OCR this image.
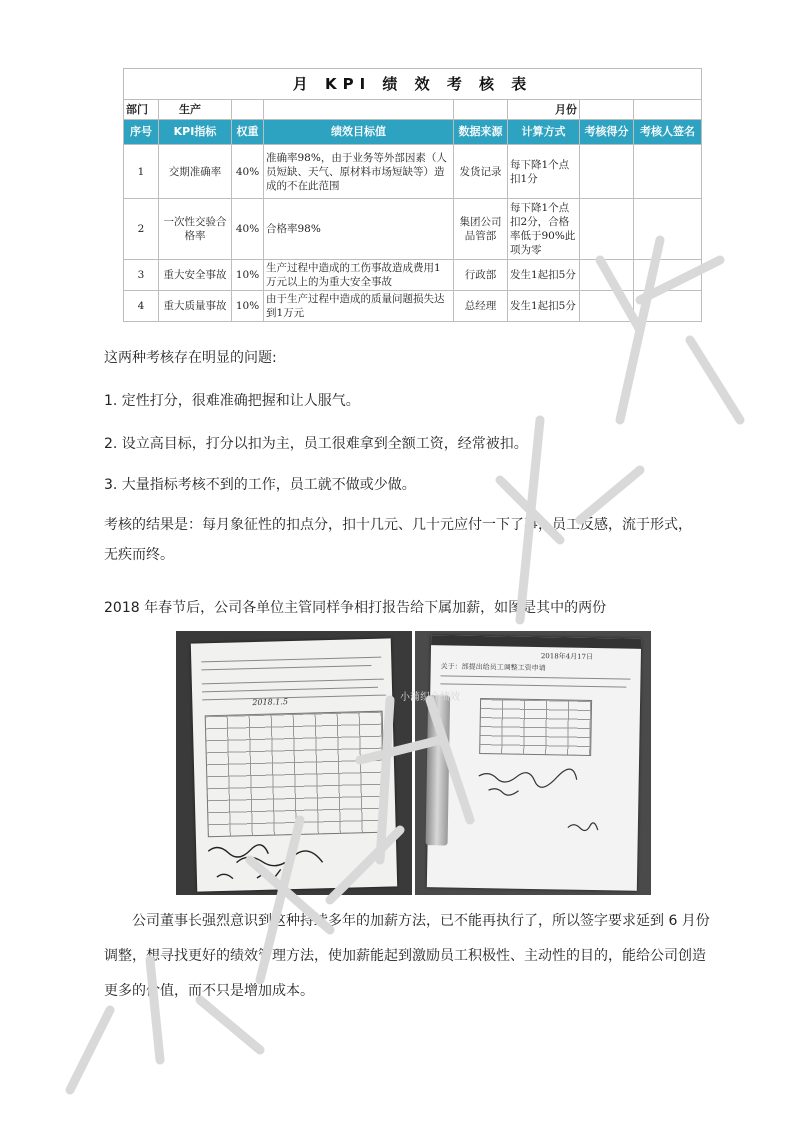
月 KPI 绩 效 考 核 表							
部门	生产				月份		
序号	KPI指标	权重	绩效目标值	数据来源	计算方式	考核得分	考核人签名
1	交期准确率	40%	准确率98%，由于业务等外部因素（人员短缺、天气、原材料市场短缺等）造成的不在此范围	发货记录	每下降1个点扣1分		
2	一次性交验合格率	40%	合格率98%	集团公司品管部	每下降1个点扣2分，合格率低于90%此项为零		
3	重大安全事故	10%	生产过程中造成的工伤事故造成费用1万元以上的为重大安全事故	行政部	发生1起扣5分		
4	重大质量事故	10%	由于生产过程中造成的质量问题损失达到1万元	总经理	发生1起扣5分		
这两种考核存在明显的问题:
1. 定性打分，很难准确把握和让人服气。
2. 设立高目标，打分以扣为主，员工很难拿到全额工资，经常被扣。
3. 大量指标考核不到的工作，员工就不做或少做。
考核的结果是：每月象征性的扣点分，扣十几元、几十元应付一下了事，员工反感，流于形式，无疾而终。
2018 年春节后，公司各单位主管同样争相打报告给下属加薪，如图是其中的两份
2018.1.5
2018年4月17日
关于：部提出给员工调整工资申请
公司董事长强烈意识到这种持续多年的加薪方法，已不能再执行了，所以签字要求延到 6 月份调整，想寻找更好的绩效管理方法，使加薪能起到激励员工积极性、主动性的目的，能给公司创造更多的价值，而不只是增加成本。
小蒲织介绩效
